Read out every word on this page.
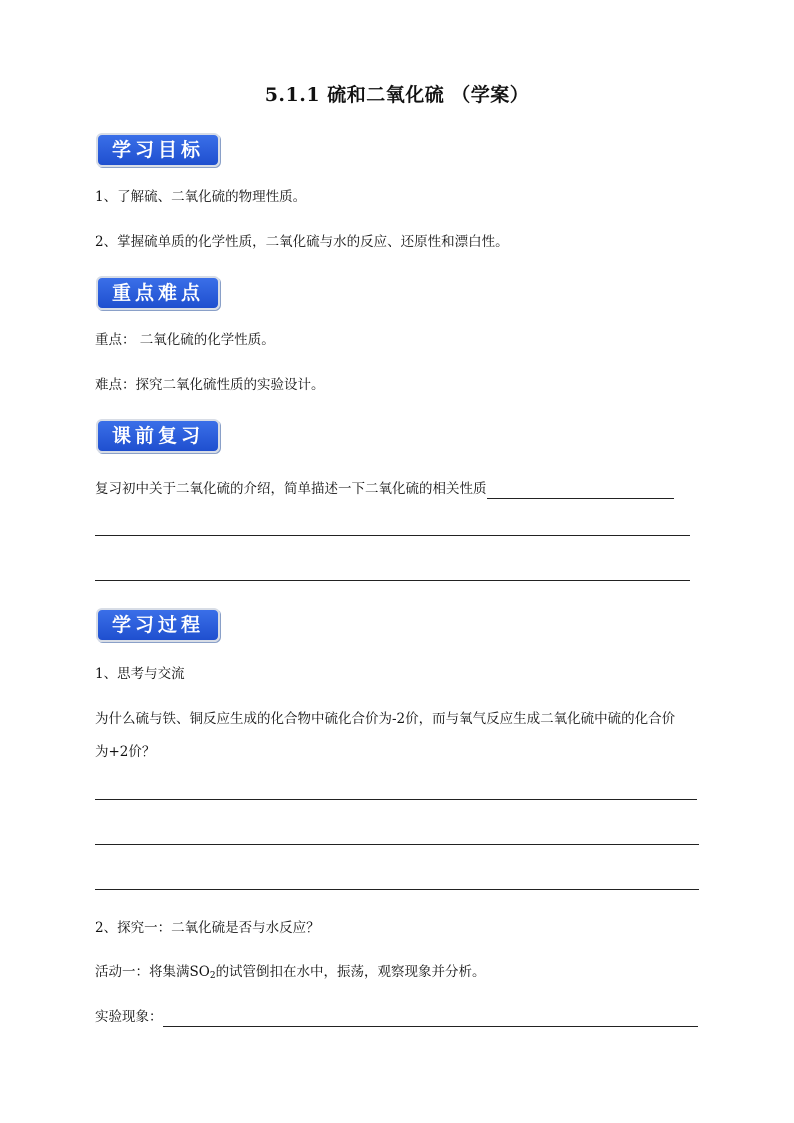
5.1.1 硫和二氧化硫 （学案）
学习目标
1、了解硫、二氧化硫的物理性质。
2、掌握硫单质的化学性质，二氧化硫与水的反应、还原性和漂白性。
重点难点
重点： 二氧化硫的化学性质。
难点：探究二氧化硫性质的实验设计。
课前复习
复习初中关于二氧化硫的介绍，简单描述一下二氧化硫的相关性质
学习过程
1、思考与交流
为什么硫与铁、铜反应生成的化合物中硫化合价为-2价，而与氧气反应生成二氧化硫中硫的化合价
为+2价？
2、探究一：二氧化硫是否与水反应？
活动一：将集满$SO_2$的试管倒扣在水中，振荡，观察现象并分析。
实验现象：
